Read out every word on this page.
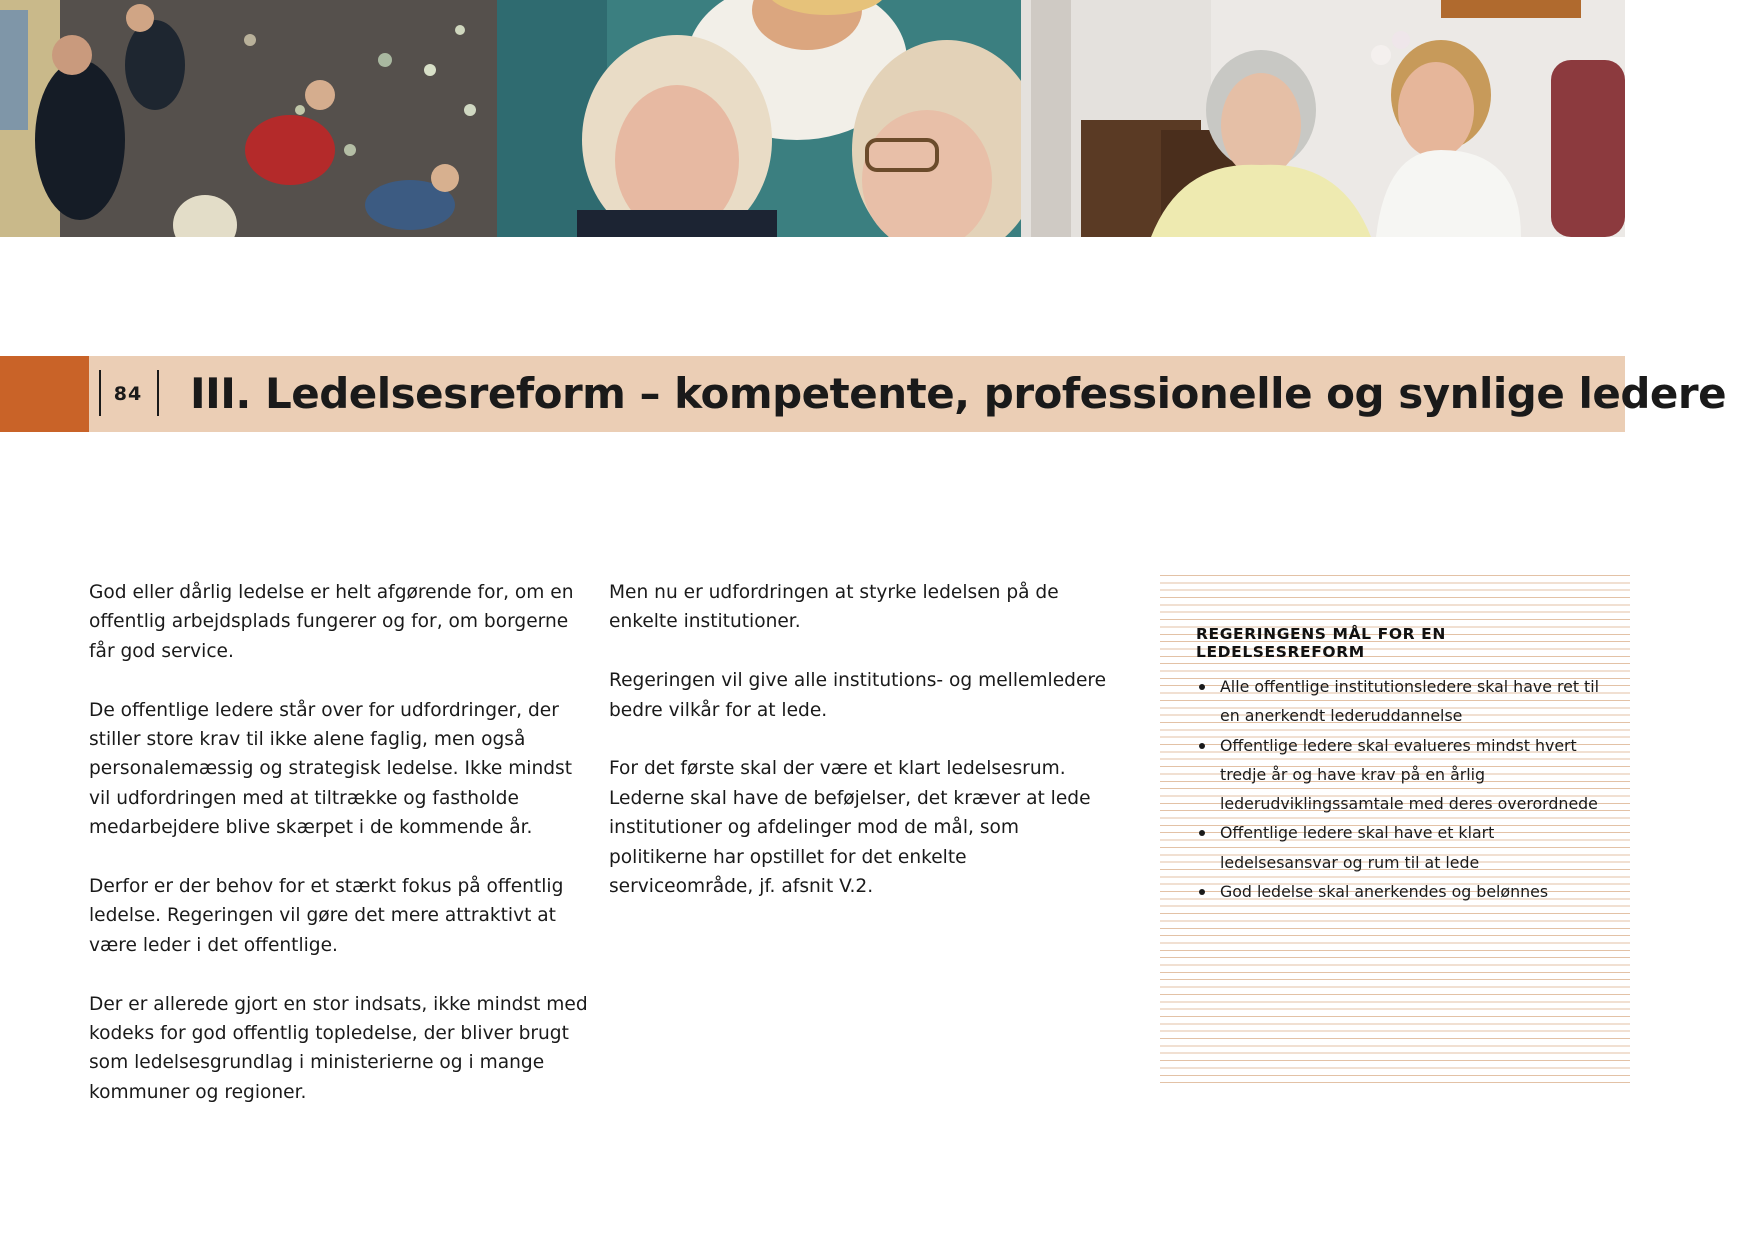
84	III. Ledelsesreform – kompetente, professionelle og synlige ledere

God eller dårlig ledelse er helt afgørende for, om en offentlig arbejdsplads fungerer og for, om borgerne får god service.

De offentlige ledere står over for udfordringer, der stiller store krav til ikke alene faglig, men også personalemæssig og strategisk ledelse. Ikke mindst vil udfordringen med at tiltrække og fastholde medarbejdere blive skærpet i de kommende år.

Derfor er der behov for et stærkt fokus på offentlig ledelse. Regeringen vil gøre det mere attraktivt at være leder i det offentlige.

Der er allerede gjort en stor indsats, ikke mindst med kodeks for god offentlig topledelse, der bliver brugt som ledelsesgrundlag i ministerierne og i mange kommuner og regioner.

Men nu er udfordringen at styrke ledelsen på de enkelte institutioner.

Regeringen vil give alle institutions- og mellemledere bedre vilkår for at lede.

For det første skal der være et klart ledelsesrum. Lederne skal have de beføjelser, det kræver at lede institutioner og afdelinger mod de mål, som politikerne har opstillet for det enkelte serviceområde, jf. afsnit V.2.

REGERINGENS MÅL FOR EN LEDELSESREFORM
Alle offentlige institutionsledere skal have ret til en anerkendt lederuddannelse
Offentlige ledere skal evalueres mindst hvert tredje år og have krav på en årlig lederudviklingssamtale med deres overordnede
Offentlige ledere skal have et klart ledelsesansvar og rum til at lede
God ledelse skal anerkendes og belønnes
